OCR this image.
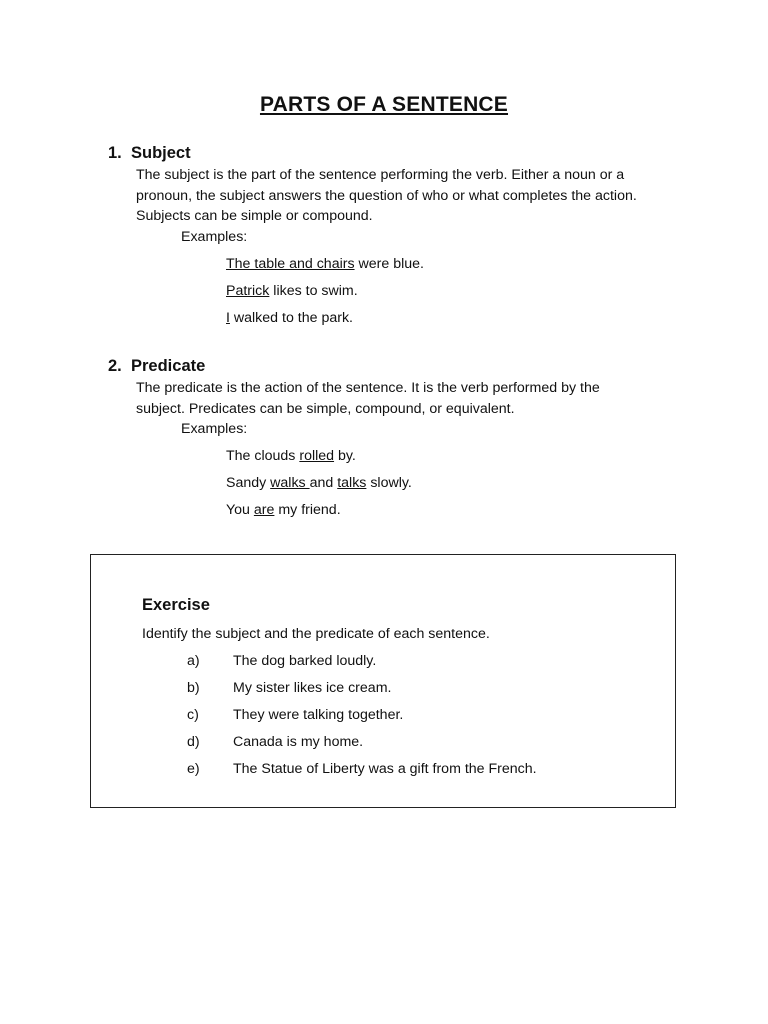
PARTS OF A SENTENCE
1. Subject
The subject is the part of the sentence performing the verb. Either a noun or a
pronoun, the subject answers the question of who or what completes the action.
Subjects can be simple or compound.
Examples:
The table and chairs were blue.
Patrick likes to swim.
I walked to the park.
2. Predicate
The predicate is the action of the sentence. It is the verb performed by the
subject. Predicates can be simple, compound, or equivalent.
Examples:
The clouds rolled by.
Sandy walks and talks slowly.
You are my friend.
Exercise
Identify the subject and the predicate of each sentence.
a) The dog barked loudly.
b) My sister likes ice cream.
c) They were talking together.
d) Canada is my home.
e) The Statue of Liberty was a gift from the French.
